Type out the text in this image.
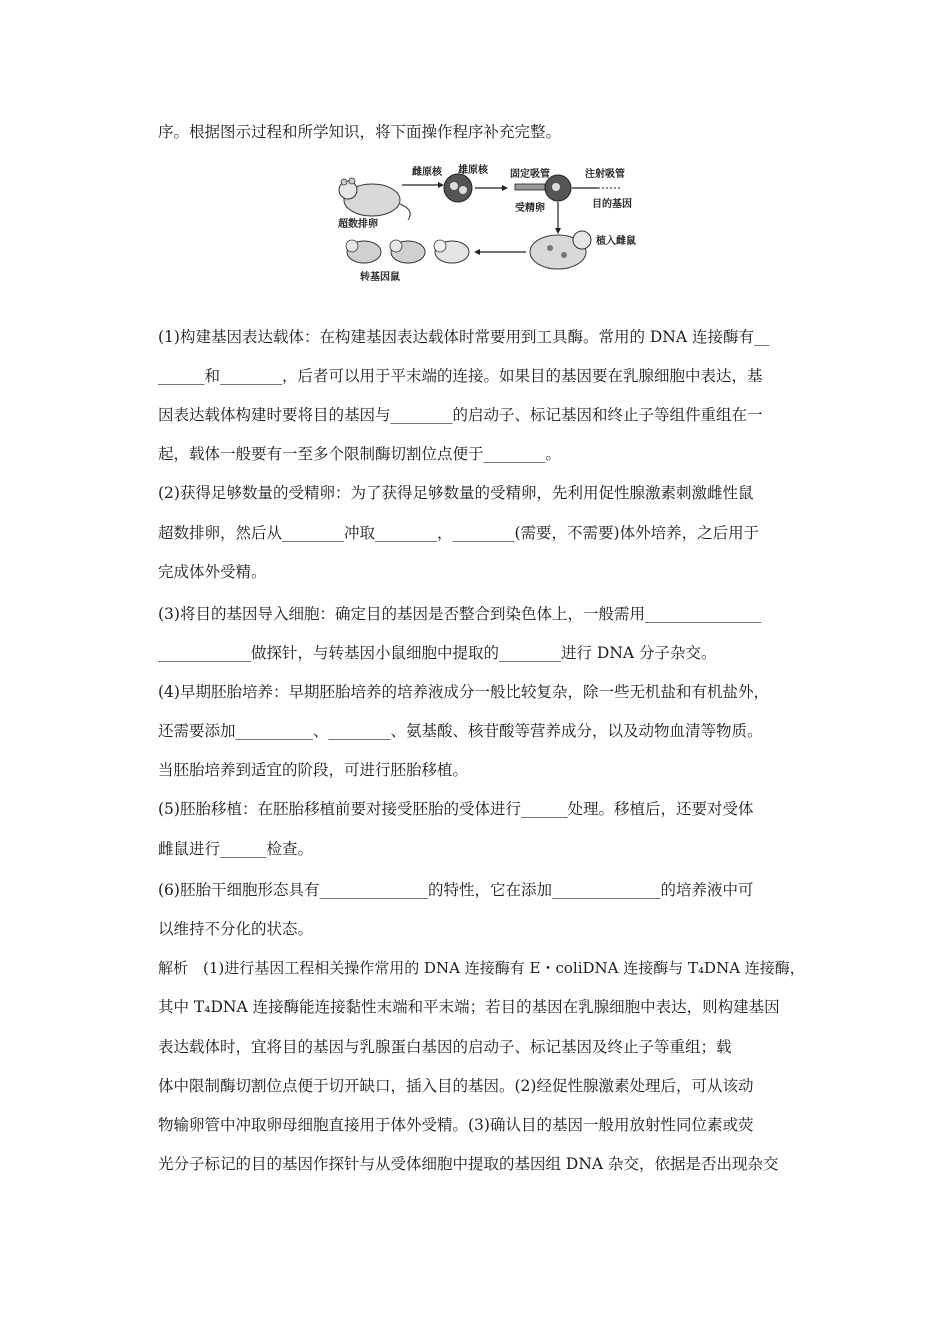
序。根据图示过程和所学知识，将下面操作程序补充完整。
超数排卵
雌原核 雄原核 固定吸管	注射吸管
受精卵	目的基因
植入雌鼠
转基因鼠
(1)构建基因表达载体：在构建基因表达载体时常要用到工具酶。常用的 DNA 连接酶有__
______和________，后者可以用于平末端的连接。如果目的基因要在乳腺细胞中表达，基
因表达载体构建时要将目的基因与________的启动子、标记基因和终止子等组件重组在一
起，载体一般要有一至多个限制酶切割位点便于________。
(2)获得足够数量的受精卵：为了获得足够数量的受精卵，先利用促性腺激素刺激雌性鼠
超数排卵，然后从________冲取________，________(需要，不需要)体外培养，之后用于
完成体外受精。
(3)将目的基因导入细胞：确定目的基因是否整合到染色体上，一般需用_______________
____________做探针，与转基因小鼠细胞中提取的________进行 DNA 分子杂交。
(4)早期胚胎培养：早期胚胎培养的培养液成分一般比较复杂，除一些无机盐和有机盐外，
还需要添加__________、________、氨基酸、核苷酸等营养成分，以及动物血清等物质。
当胚胎培养到适宜的阶段，可进行胚胎移植。
(5)胚胎移植：在胚胎移植前要对接受胚胎的受体进行______处理。移植后，还要对受体
雌鼠进行______检查。
(6)胚胎干细胞形态具有______________的特性，它在添加______________的培养液中可
以维持不分化的状态。
解析　(1)进行基因工程相关操作常用的 DNA 连接酶有 E・coliDNA 连接酶与 T₄DNA 连接酶，
其中 T₄DNA 连接酶能连接黏性末端和平末端；若目的基因在乳腺细胞中表达，则构建基因
表达载体时，宜将目的基因与乳腺蛋白基因的启动子、标记基因及终止子等重组；载
体中限制酶切割位点便于切开缺口，插入目的基因。(2)经促性腺激素处理后，可从该动
物输卵管中冲取卵母细胞直接用于体外受精。(3)确认目的基因一般用放射性同位素或荧
光分子标记的目的基因作探针与从受体细胞中提取的基因组 DNA 杂交，依据是否出现杂交
